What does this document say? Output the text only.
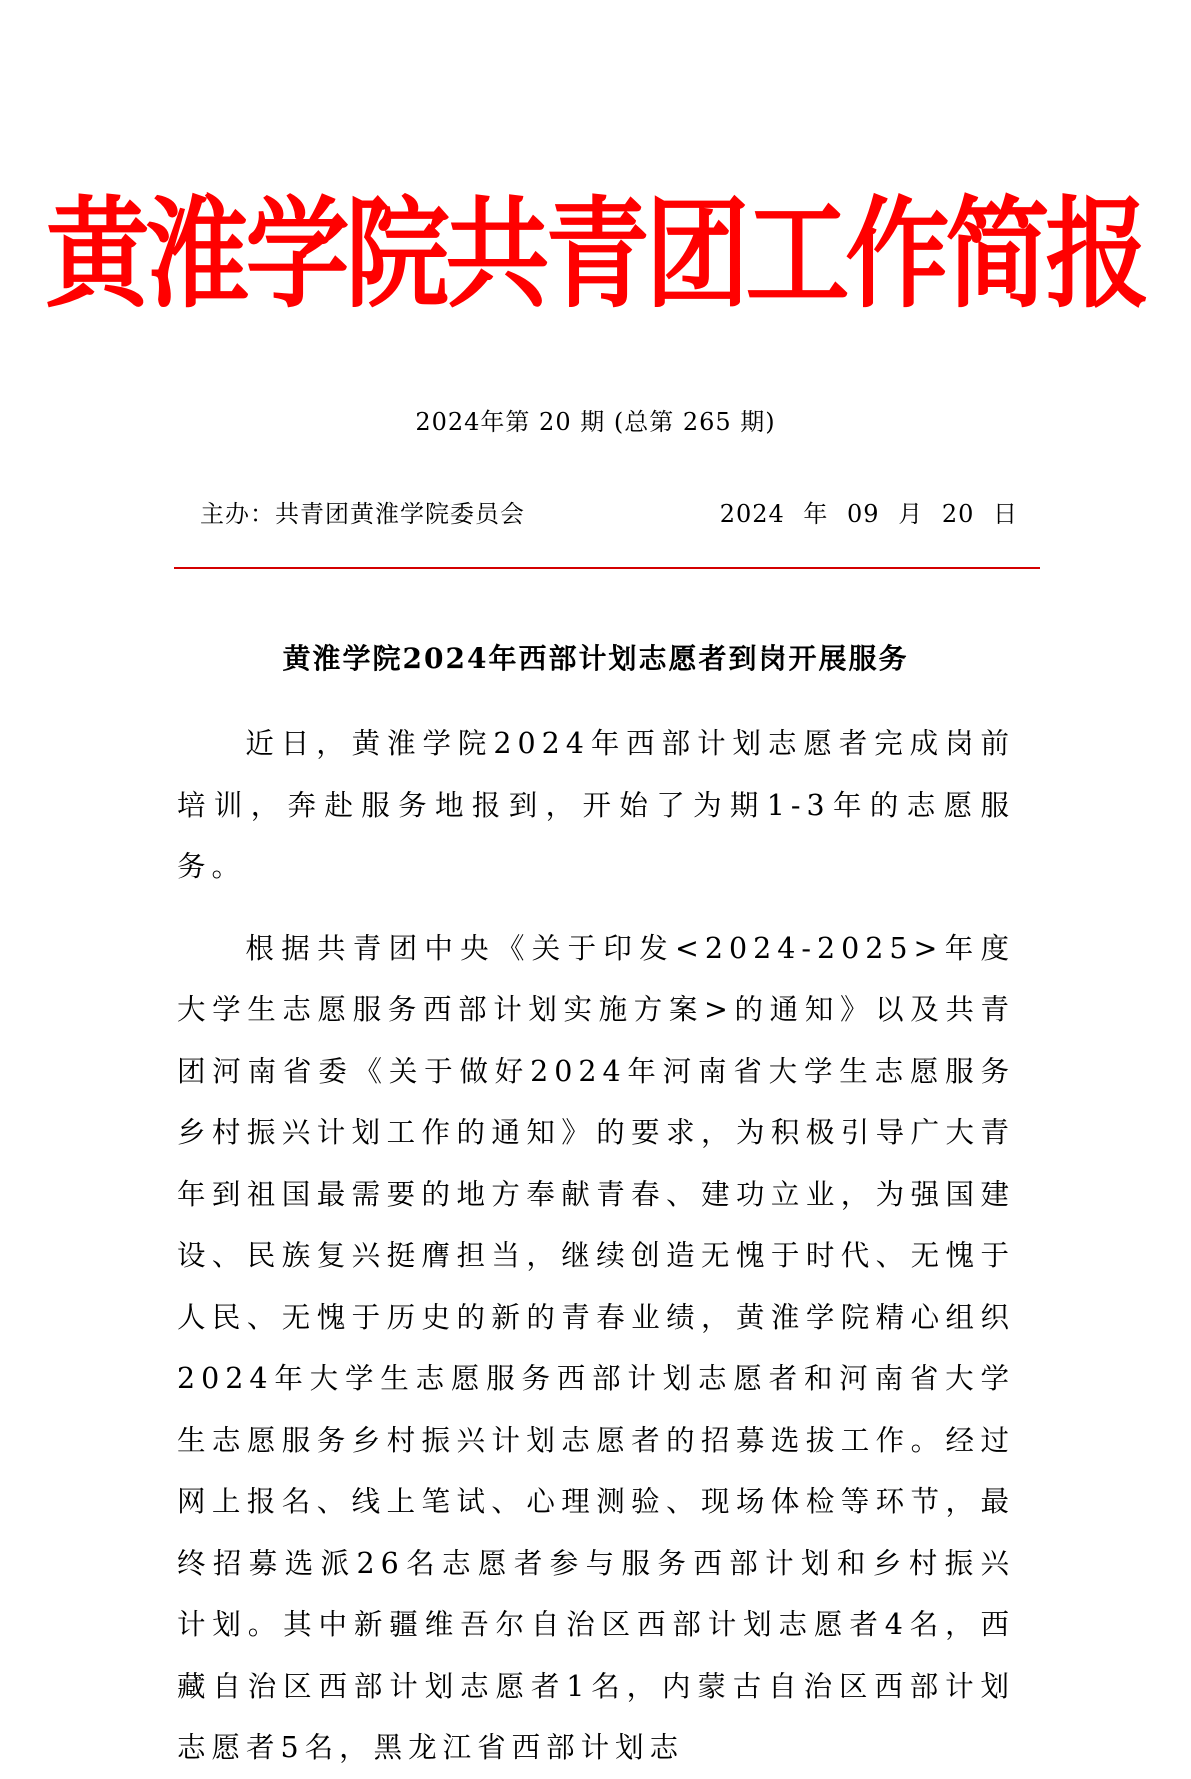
黄淮学院共青团工作简报
2024年第 20 期 (总第 265 期)
主办：共青团黄淮学院委员会	2024 年 09 月 20 日
黄淮学院2024年西部计划志愿者到岗开展服务

近日，黄淮学院2024年西部计划志愿者完成岗前培训，奔赴服务地报到，开始了为期1-3年的志愿服务。

根据共青团中央《关于印发<2024-2025>年度大学生志愿服务西部计划实施方案>的通知》以及共青团河南省委《关于做好2024年河南省大学生志愿服务乡村振兴计划工作的通知》的要求，为积极引导广大青年到祖国最需要的地方奉献青春、建功立业，为强国建设、民族复兴挺膺担当，继续创造无愧于时代、无愧于人民、无愧于历史的新的青春业绩，黄淮学院精心组织2024年大学生志愿服务西部计划志愿者和河南省大学生志愿服务乡村振兴计划志愿者的招募选拔工作。经过网上报名、线上笔试、心理测验、现场体检等环节，最终招募选派26名志愿者参与服务西部计划和乡村振兴计划。其中新疆维吾尔自治区西部计划志愿者4名，西藏自治区西部计划志愿者1名，内蒙古自治区西部计划志愿者5名，黑龙江省西部计划志
